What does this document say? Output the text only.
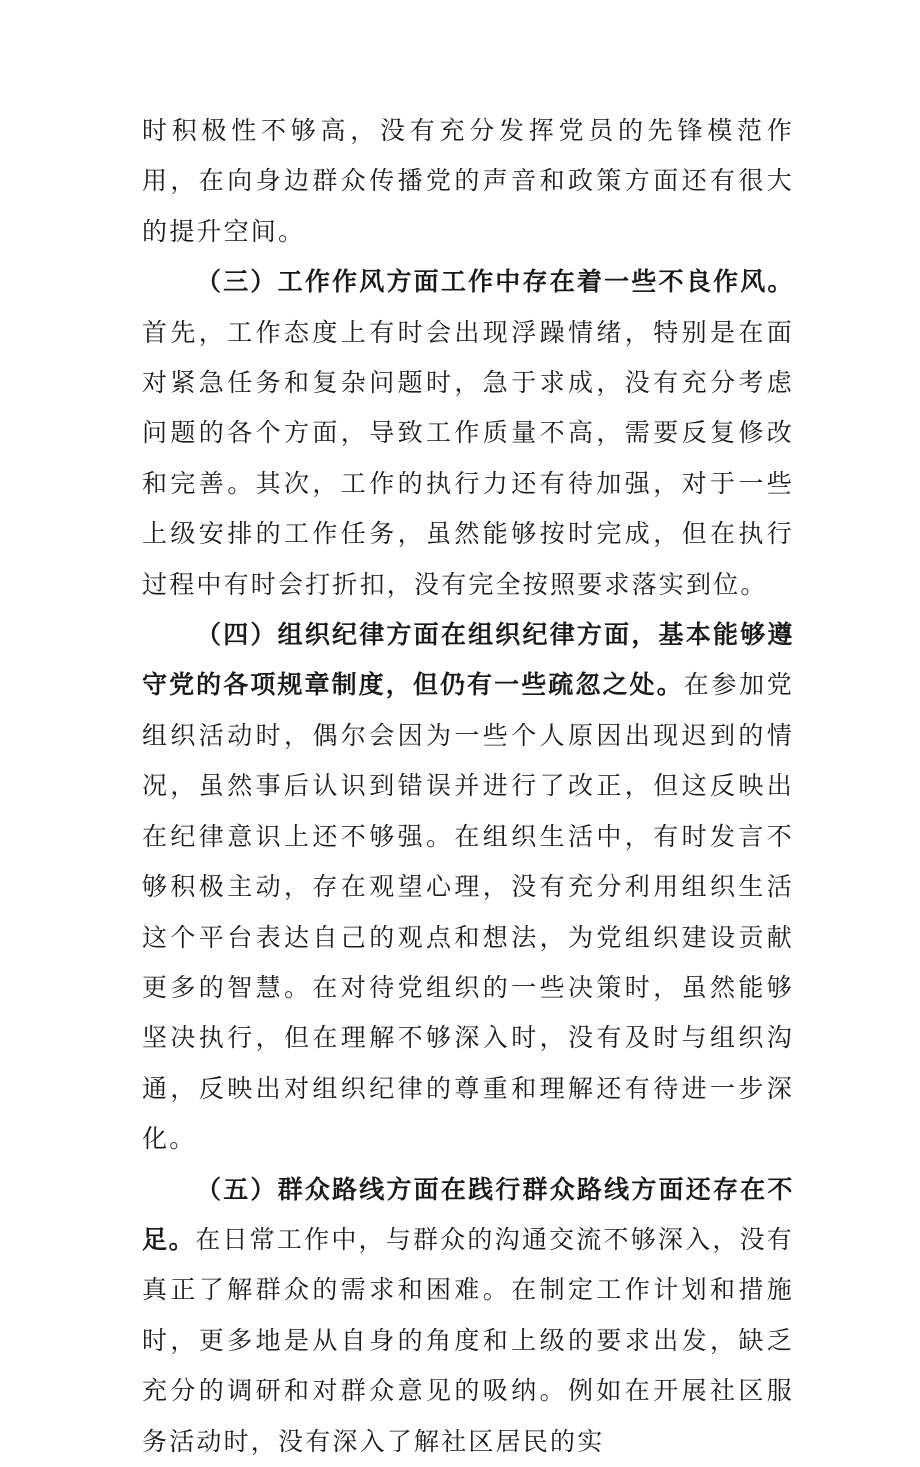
时积极性不够高，没有充分发挥党员的先锋模范作用，在向身边群众传播党的声音和政策方面还有很大的提升空间。

（三）工作作风方面工作中存在着一些不良作风。首先，工作态度上有时会出现浮躁情绪，特别是在面对紧急任务和复杂问题时，急于求成，没有充分考虑问题的各个方面，导致工作质量不高，需要反复修改和完善。其次，工作的执行力还有待加强，对于一些上级安排的工作任务，虽然能够按时完成，但在执行过程中有时会打折扣，没有完全按照要求落实到位。

（四）组织纪律方面在组织纪律方面，基本能够遵守党的各项规章制度，但仍有一些疏忽之处。在参加党组织活动时，偶尔会因为一些个人原因出现迟到的情况，虽然事后认识到错误并进行了改正，但这反映出在纪律意识上还不够强。在组织生活中，有时发言不够积极主动，存在观望心理，没有充分利用组织生活这个平台表达自己的观点和想法，为党组织建设贡献更多的智慧。在对待党组织的一些决策时，虽然能够坚决执行，但在理解不够深入时，没有及时与组织沟通，反映出对组织纪律的尊重和理解还有待进一步深化。

（五）群众路线方面在践行群众路线方面还存在不足。在日常工作中，与群众的沟通交流不够深入，没有真正了解群众的需求和困难。在制定工作计划和措施时，更多地是从自身的角度和上级的要求出发，缺乏充分的调研和对群众意见的吸纳。例如在开展社区服务活动时，没有深入了解社区居民的实
